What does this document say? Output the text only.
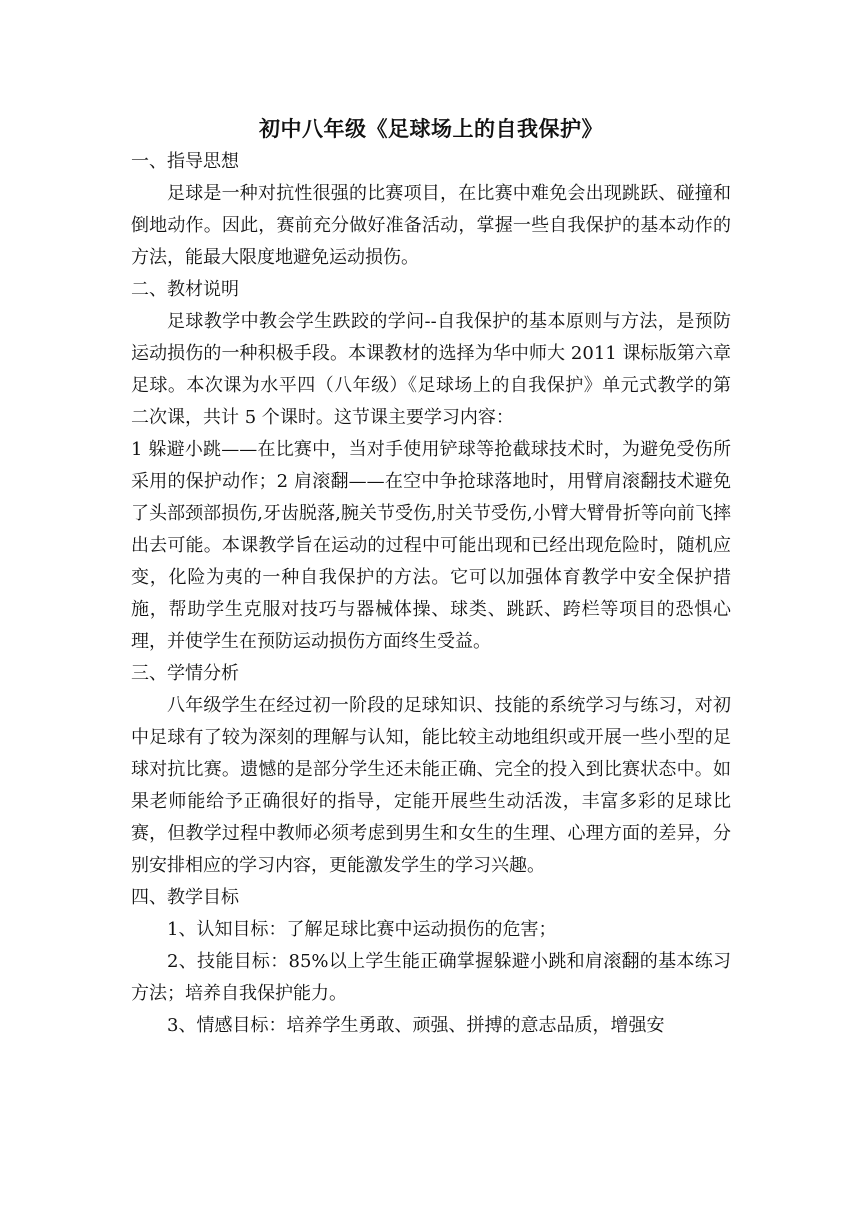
初中八年级《足球场上的自我保护》
一、指导思想

足球是一种对抗性很强的比赛项目，在比赛中难免会出现跳跃、碰撞和倒地动作。因此，赛前充分做好准备活动，掌握一些自我保护的基本动作的方法，能最大限度地避免运动损伤。

二、教材说明

足球教学中教会学生跌跤的学问--自我保护的基本原则与方法，是预防运动损伤的一种积极手段。本课教材的选择为华中师大 2011 课标版第六章足球。本次课为水平四（八年级）《足球场上的自我保护》单元式教学的第二次课，共计 5 个课时。这节课主要学习内容：

1 躲避小跳——在比赛中，当对手使用铲球等抢截球技术时，为避免受伤所采用的保护动作；2 肩滚翻——在空中争抢球落地时，用臂肩滚翻技术避免了头部颈部损伤,牙齿脱落,腕关节受伤,肘关节受伤,小臂大臂骨折等向前飞摔出去可能。本课教学旨在运动的过程中可能出现和已经出现危险时，随机应变，化险为夷的一种自我保护的方法。它可以加强体育教学中安全保护措施，帮助学生克服对技巧与器械体操、球类、跳跃、跨栏等项目的恐惧心理，并使学生在预防运动损伤方面终生受益。

三、学情分析

八年级学生在经过初一阶段的足球知识、技能的系统学习与练习，对初中足球有了较为深刻的理解与认知，能比较主动地组织或开展一些小型的足球对抗比赛。遗憾的是部分学生还未能正确、完全的投入到比赛状态中。如果老师能给予正确很好的指导，定能开展些生动活泼，丰富多彩的足球比赛，但教学过程中教师必须考虑到男生和女生的生理、心理方面的差异，分别安排相应的学习内容，更能激发学生的学习兴趣。

四、教学目标

1、认知目标：了解足球比赛中运动损伤的危害；

2、技能目标：85%以上学生能正确掌握躲避小跳和肩滚翻的基本练习方法；培养自我保护能力。

3、情感目标：培养学生勇敢、顽强、拼搏的意志品质，增强安
